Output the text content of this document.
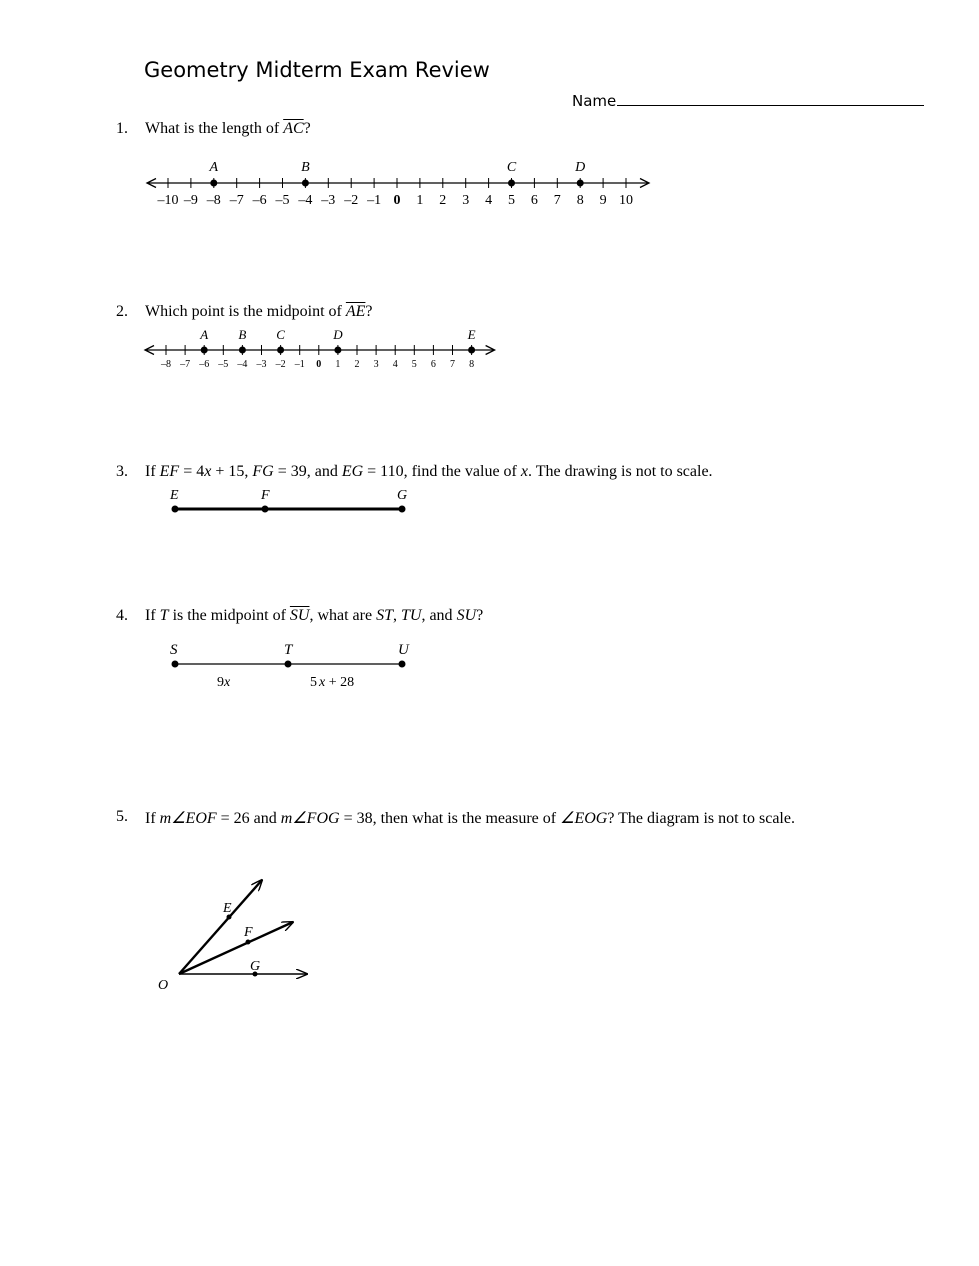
Geometry Midterm Exam Review
Name
1. What is the length of $\overline{AC}$?
–10 –9 –8 –7 –6 –5 –4 –3 –2 –1 0 1 2 3 4 5 6 7 8 9 10
A	B	C	D
2. Which point is the midpoint of $\overline{AE}$?
–8 –7 –6 –5 –4 –3 –2 –1 0 1 2 3 4 5 6 7 8
A B C	D	E
3. If EF = 4x + 15, FG = 39, and EG = 110, find the value of x. The drawing is not to scale.
E	F	G
4. If T is the midpoint of $\overline{SU}$, what are ST, TU, and SU?
S	T	U
9x	5 x + 28
5. If m∠EOF = 26 and m∠FOG = 38, then what is the measure of ∠EOG? The diagram is not to scale.
E
F
G
O
